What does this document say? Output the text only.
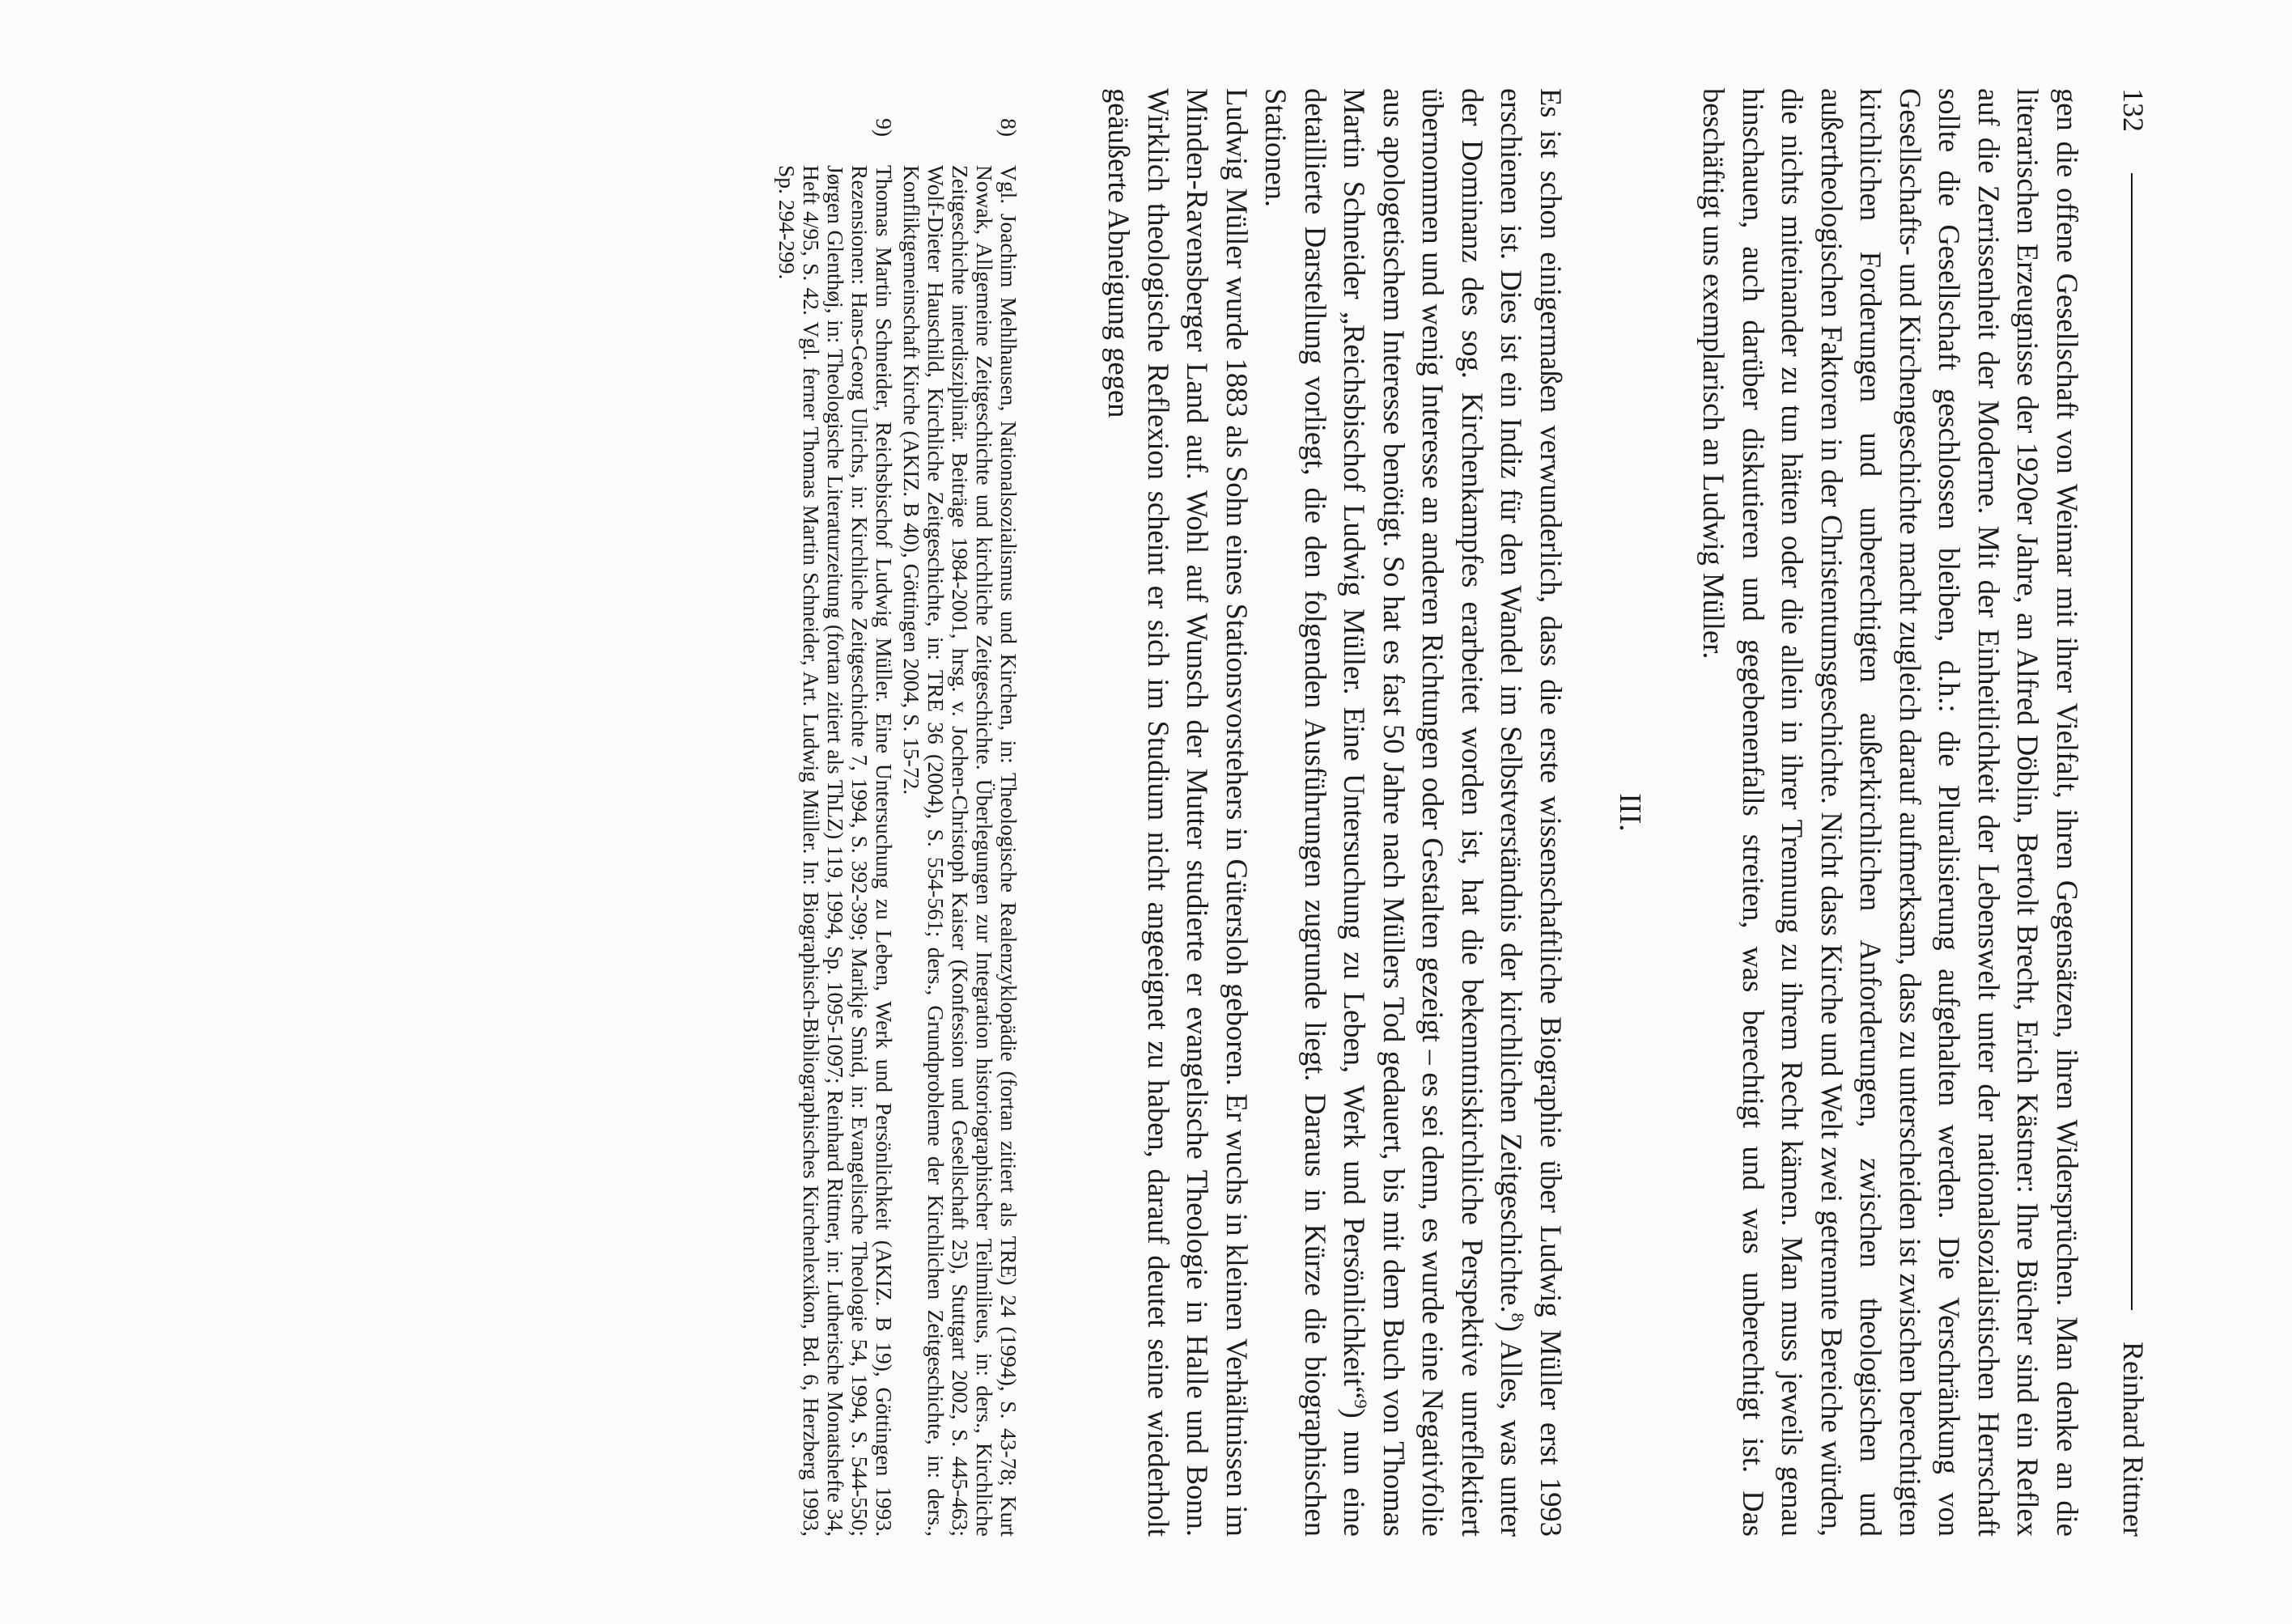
132
Reinhard Rittner

gen die offene Gesellschaft von Weimar mit ihrer Vielfalt, ihren Gegensätzen, ihren Widersprüchen. Man denke an die literarischen Erzeugnisse der 1920er Jahre, an Alfred Döblin, Bertolt Brecht, Erich Kästner: Ihre Bücher sind ein Reflex auf die Zerrissenheit der Moderne. Mit der Einheitlichkeit der Lebenswelt unter der nationalsozialistischen Herrschaft sollte die Gesellschaft geschlossen bleiben, d.h.: die Pluralisierung aufgehalten werden. Die Verschränkung von Gesellschafts- und Kirchengeschichte macht zugleich darauf aufmerksam, dass zu unterscheiden ist zwischen berechtigten kirchlichen Forderungen und unberechtigten außerkirchlichen Anforderungen, zwischen theologischen und außertheologischen Faktoren in der Christentumsgeschichte. Nicht dass Kirche und Welt zwei getrennte Bereiche würden, die nichts miteinander zu tun hätten oder die allein in ihrer Trennung zu ihrem Recht kämen. Man muss jeweils genau hinschauen, auch darüber diskutieren und gegebenenfalls streiten, was berechtigt und was unberechtigt ist. Das beschäftigt uns exemplarisch an Ludwig Müller.

III.

Es ist schon einigermaßen verwunderlich, dass die erste wissenschaftliche Biographie über Ludwig Müller erst 1993 erschienen ist. Dies ist ein Indiz für den Wandel im Selbstverständnis der kirchlichen Zeitgeschichte.$^8$) Alles, was unter der Dominanz des sog. Kirchenkampfes erarbeitet worden ist, hat die bekenntniskirchliche Perspektive unreflektiert übernommen und wenig Interesse an anderen Richtungen oder Gestalten gezeigt – es sei denn, es wurde eine Negativfolie aus apologetischem Interesse benötigt. So hat es fast 50 Jahre nach Müllers Tod gedauert, bis mit dem Buch von Thomas Martin Schneider „Reichsbischof Ludwig Müller. Eine Untersuchung zu Leben, Werk und Persönlichkeit“$^9$) nun eine detaillierte Darstellung vorliegt, die den folgenden Ausführungen zugrunde liegt. Daraus in Kürze die biographischen Stationen.

Ludwig Müller wurde 1883 als Sohn eines Stationsvorstehers in Gütersloh geboren. Er wuchs in kleinen Verhältnissen im Minden-Ravensberger Land auf. Wohl auf Wunsch der Mutter studierte er evangelische Theologie in Halle und Bonn. Wirklich theologische Reflexion scheint er sich im Studium nicht angeeignet zu haben, darauf deutet seine wiederholt geäußerte Abneigung gegen

8)
Vgl. Joachim Mehlhausen, Nationalsozialismus und Kirchen, in: Theologische Realenzyklopädie (fortan zitiert als TRE) 24 (1994), S. 43-78; Kurt Nowak, Allgemeine Zeitgeschichte und kirchliche Zeitgeschichte. Überlegungen zur Integration historiographischer Teilmilieus, in: ders., Kirchliche Zeitgeschichte interdisziplinär. Beiträge 1984-2001, hrsg. v. Jochen-Christoph Kaiser (Konfession und Gesellschaft 25), Stuttgart 2002, S. 445-463; Wolf-Dieter Hauschild, Kirchliche Zeitgeschichte, in: TRE 36 (2004), S. 554-561; ders., Grundprobleme der Kirchlichen Zeitgeschichte, in: ders., Konfliktgemeinschaft Kirche (AKIZ. B 40), Göttingen 2004, S. 15-72.
9)
Thomas Martin Schneider, Reichsbischof Ludwig Müller. Eine Untersuchung zu Leben, Werk und Persönlichkeit (AKIZ. B 19), Göttingen 1993. Rezensionen: Hans-Georg Ulrichs, in: Kirchliche Zeitgeschichte 7, 1994, S. 392-399; Marikje Smid, in: Evangelische Theologie 54, 1994, S. 544-550; Jørgen Glenthøj, in: Theologische Literaturzeitung (fortan zitiert als ThLZ) 119, 1994, Sp. 1095-1097; Reinhard Rittner, in: Lutherische Monatshefte 34, Heft 4/95, S. 42. Vgl. ferner Thomas Martin Schneider, Art. Ludwig Müller. In: Biographisch-Bibliographisches Kirchenlexikon, Bd. 6, Herzberg 1993, Sp. 294-299.
